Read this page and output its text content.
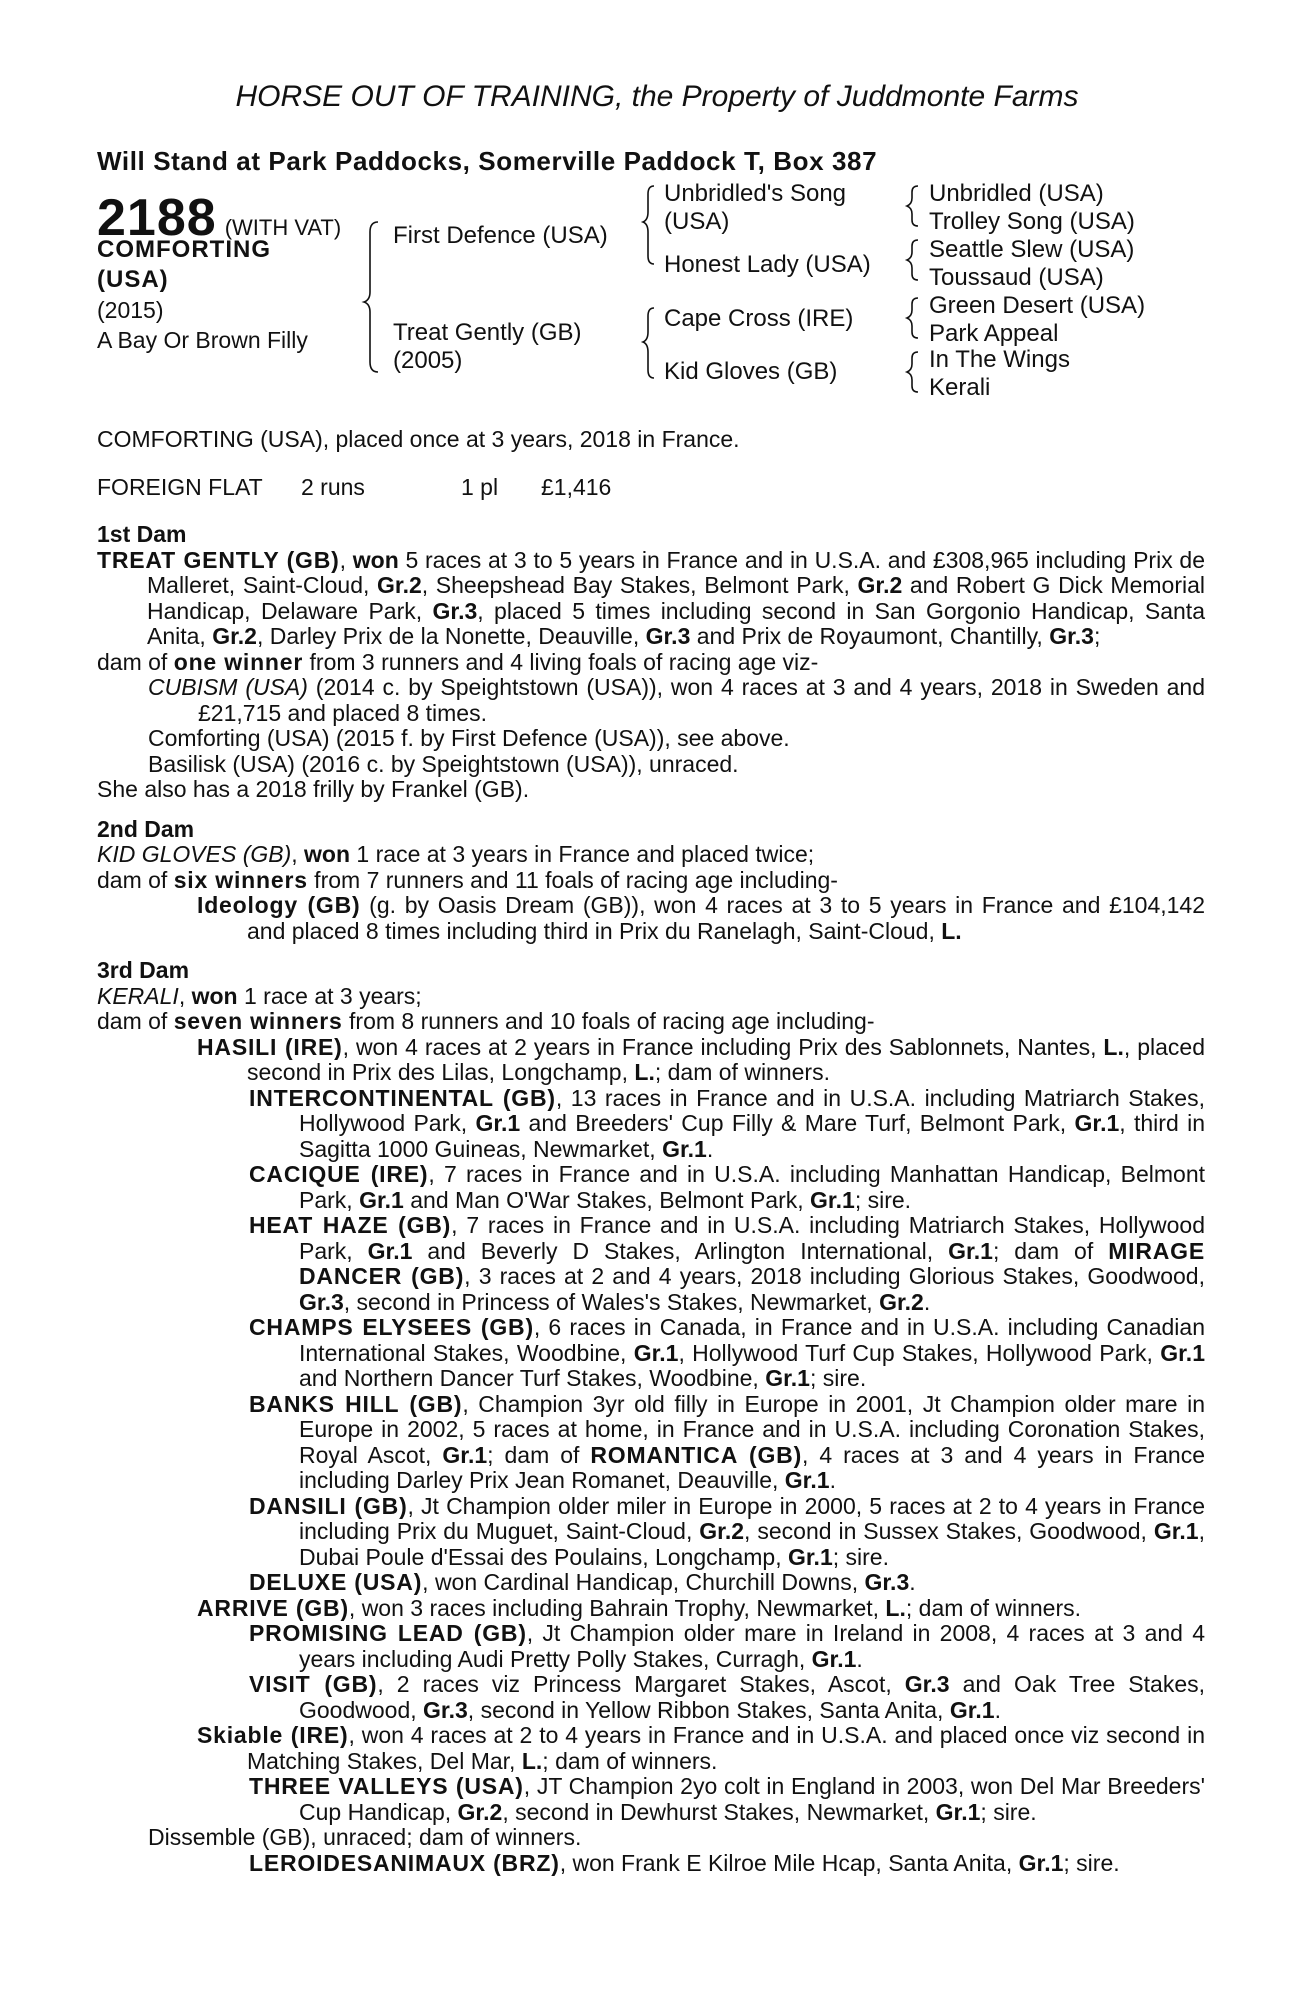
HORSE OUT OF TRAINING, the Property of Juddmonte Farms
Will Stand at Park Paddocks, Somerville Paddock T, Box 387
2188 (WITH VAT)
COMFORTING
(USA)
(2015)
A Bay Or Brown Filly
First Defence (USA)
Treat Gently (GB)
(2005)
Unbridled's Song
(USA)
Honest Lady (USA)
Cape Cross (IRE)
Kid Gloves (GB)
Unbridled (USA)
Trolley Song (USA)
Seattle Slew (USA)
Toussaud (USA)
Green Desert (USA)
Park Appeal
In The Wings
Kerali
COMFORTING (USA), placed once at 3 years, 2018 in France.
FOREIGN FLAT 2 runs	1 pl £1,416
1st Dam
TREAT GENTLY (GB), won 5 races at 3 to 5 years in France and in U.S.A. and £308,965 including Prix de Malleret, Saint-Cloud, Gr.2, Sheepshead Bay Stakes, Belmont Park, Gr.2 and Robert G Dick Memorial Handicap, Delaware Park, Gr.3, placed 5 times including second in San Gorgonio Handicap, Santa Anita, Gr.2, Darley Prix de la Nonette, Deauville, Gr.3 and Prix de Royaumont, Chantilly, Gr.3;
dam of one winner from 3 runners and 4 living foals of racing age viz-
CUBISM (USA) (2014 c. by Speightstown (USA)), won 4 races at 3 and 4 years, 2018 in Sweden and £21,715 and placed 8 times.
Comforting (USA) (2015 f. by First Defence (USA)), see above.
Basilisk (USA) (2016 c. by Speightstown (USA)), unraced.
She also has a 2018 frilly by Frankel (GB).
2nd Dam
KID GLOVES (GB), won 1 race at 3 years in France and placed twice;
dam of six winners from 7 runners and 11 foals of racing age including-
Ideology (GB) (g. by Oasis Dream (GB)), won 4 races at 3 to 5 years in France and £104,142 and placed 8 times including third in Prix du Ranelagh, Saint-Cloud, L.
3rd Dam
KERALI, won 1 race at 3 years;
dam of seven winners from 8 runners and 10 foals of racing age including-
HASILI (IRE), won 4 races at 2 years in France including Prix des Sablonnets, Nantes, L., placed second in Prix des Lilas, Longchamp, L.; dam of winners.
INTERCONTINENTAL (GB), 13 races in France and in U.S.A. including Matriarch Stakes, Hollywood Park, Gr.1 and Breeders' Cup Filly & Mare Turf, Belmont Park, Gr.1, third in Sagitta 1000 Guineas, Newmarket, Gr.1.
CACIQUE (IRE), 7 races in France and in U.S.A. including Manhattan Handicap, Belmont Park, Gr.1 and Man O'War Stakes, Belmont Park, Gr.1; sire.
HEAT HAZE (GB), 7 races in France and in U.S.A. including Matriarch Stakes, Hollywood Park, Gr.1 and Beverly D Stakes, Arlington International, Gr.1; dam of MIRAGE DANCER (GB), 3 races at 2 and 4 years, 2018 including Glorious Stakes, Goodwood, Gr.3, second in Princess of Wales's Stakes, Newmarket, Gr.2.
CHAMPS ELYSEES (GB), 6 races in Canada, in France and in U.S.A. including Canadian International Stakes, Woodbine, Gr.1, Hollywood Turf Cup Stakes, Hollywood Park, Gr.1 and Northern Dancer Turf Stakes, Woodbine, Gr.1; sire.
BANKS HILL (GB), Champion 3yr old filly in Europe in 2001, Jt Champion older mare in Europe in 2002, 5 races at home, in France and in U.S.A. including Coronation Stakes, Royal Ascot, Gr.1; dam of ROMANTICA (GB), 4 races at 3 and 4 years in France including Darley Prix Jean Romanet, Deauville, Gr.1.
DANSILI (GB), Jt Champion older miler in Europe in 2000, 5 races at 2 to 4 years in France including Prix du Muguet, Saint-Cloud, Gr.2, second in Sussex Stakes, Goodwood, Gr.1, Dubai Poule d'Essai des Poulains, Longchamp, Gr.1; sire.
DELUXE (USA), won Cardinal Handicap, Churchill Downs, Gr.3.
ARRIVE (GB), won 3 races including Bahrain Trophy, Newmarket, L.; dam of winners.
PROMISING LEAD (GB), Jt Champion older mare in Ireland in 2008, 4 races at 3 and 4 years including Audi Pretty Polly Stakes, Curragh, Gr.1.
VISIT (GB), 2 races viz Princess Margaret Stakes, Ascot, Gr.3 and Oak Tree Stakes, Goodwood, Gr.3, second in Yellow Ribbon Stakes, Santa Anita, Gr.1.
Skiable (IRE), won 4 races at 2 to 4 years in France and in U.S.A. and placed once viz second in Matching Stakes, Del Mar, L.; dam of winners.
THREE VALLEYS (USA), JT Champion 2yo colt in England in 2003, won Del Mar Breeders' Cup Handicap, Gr.2, second in Dewhurst Stakes, Newmarket, Gr.1; sire.
Dissemble (GB), unraced; dam of winners.
LEROIDESANIMAUX (BRZ), won Frank E Kilroe Mile Hcap, Santa Anita, Gr.1; sire.
